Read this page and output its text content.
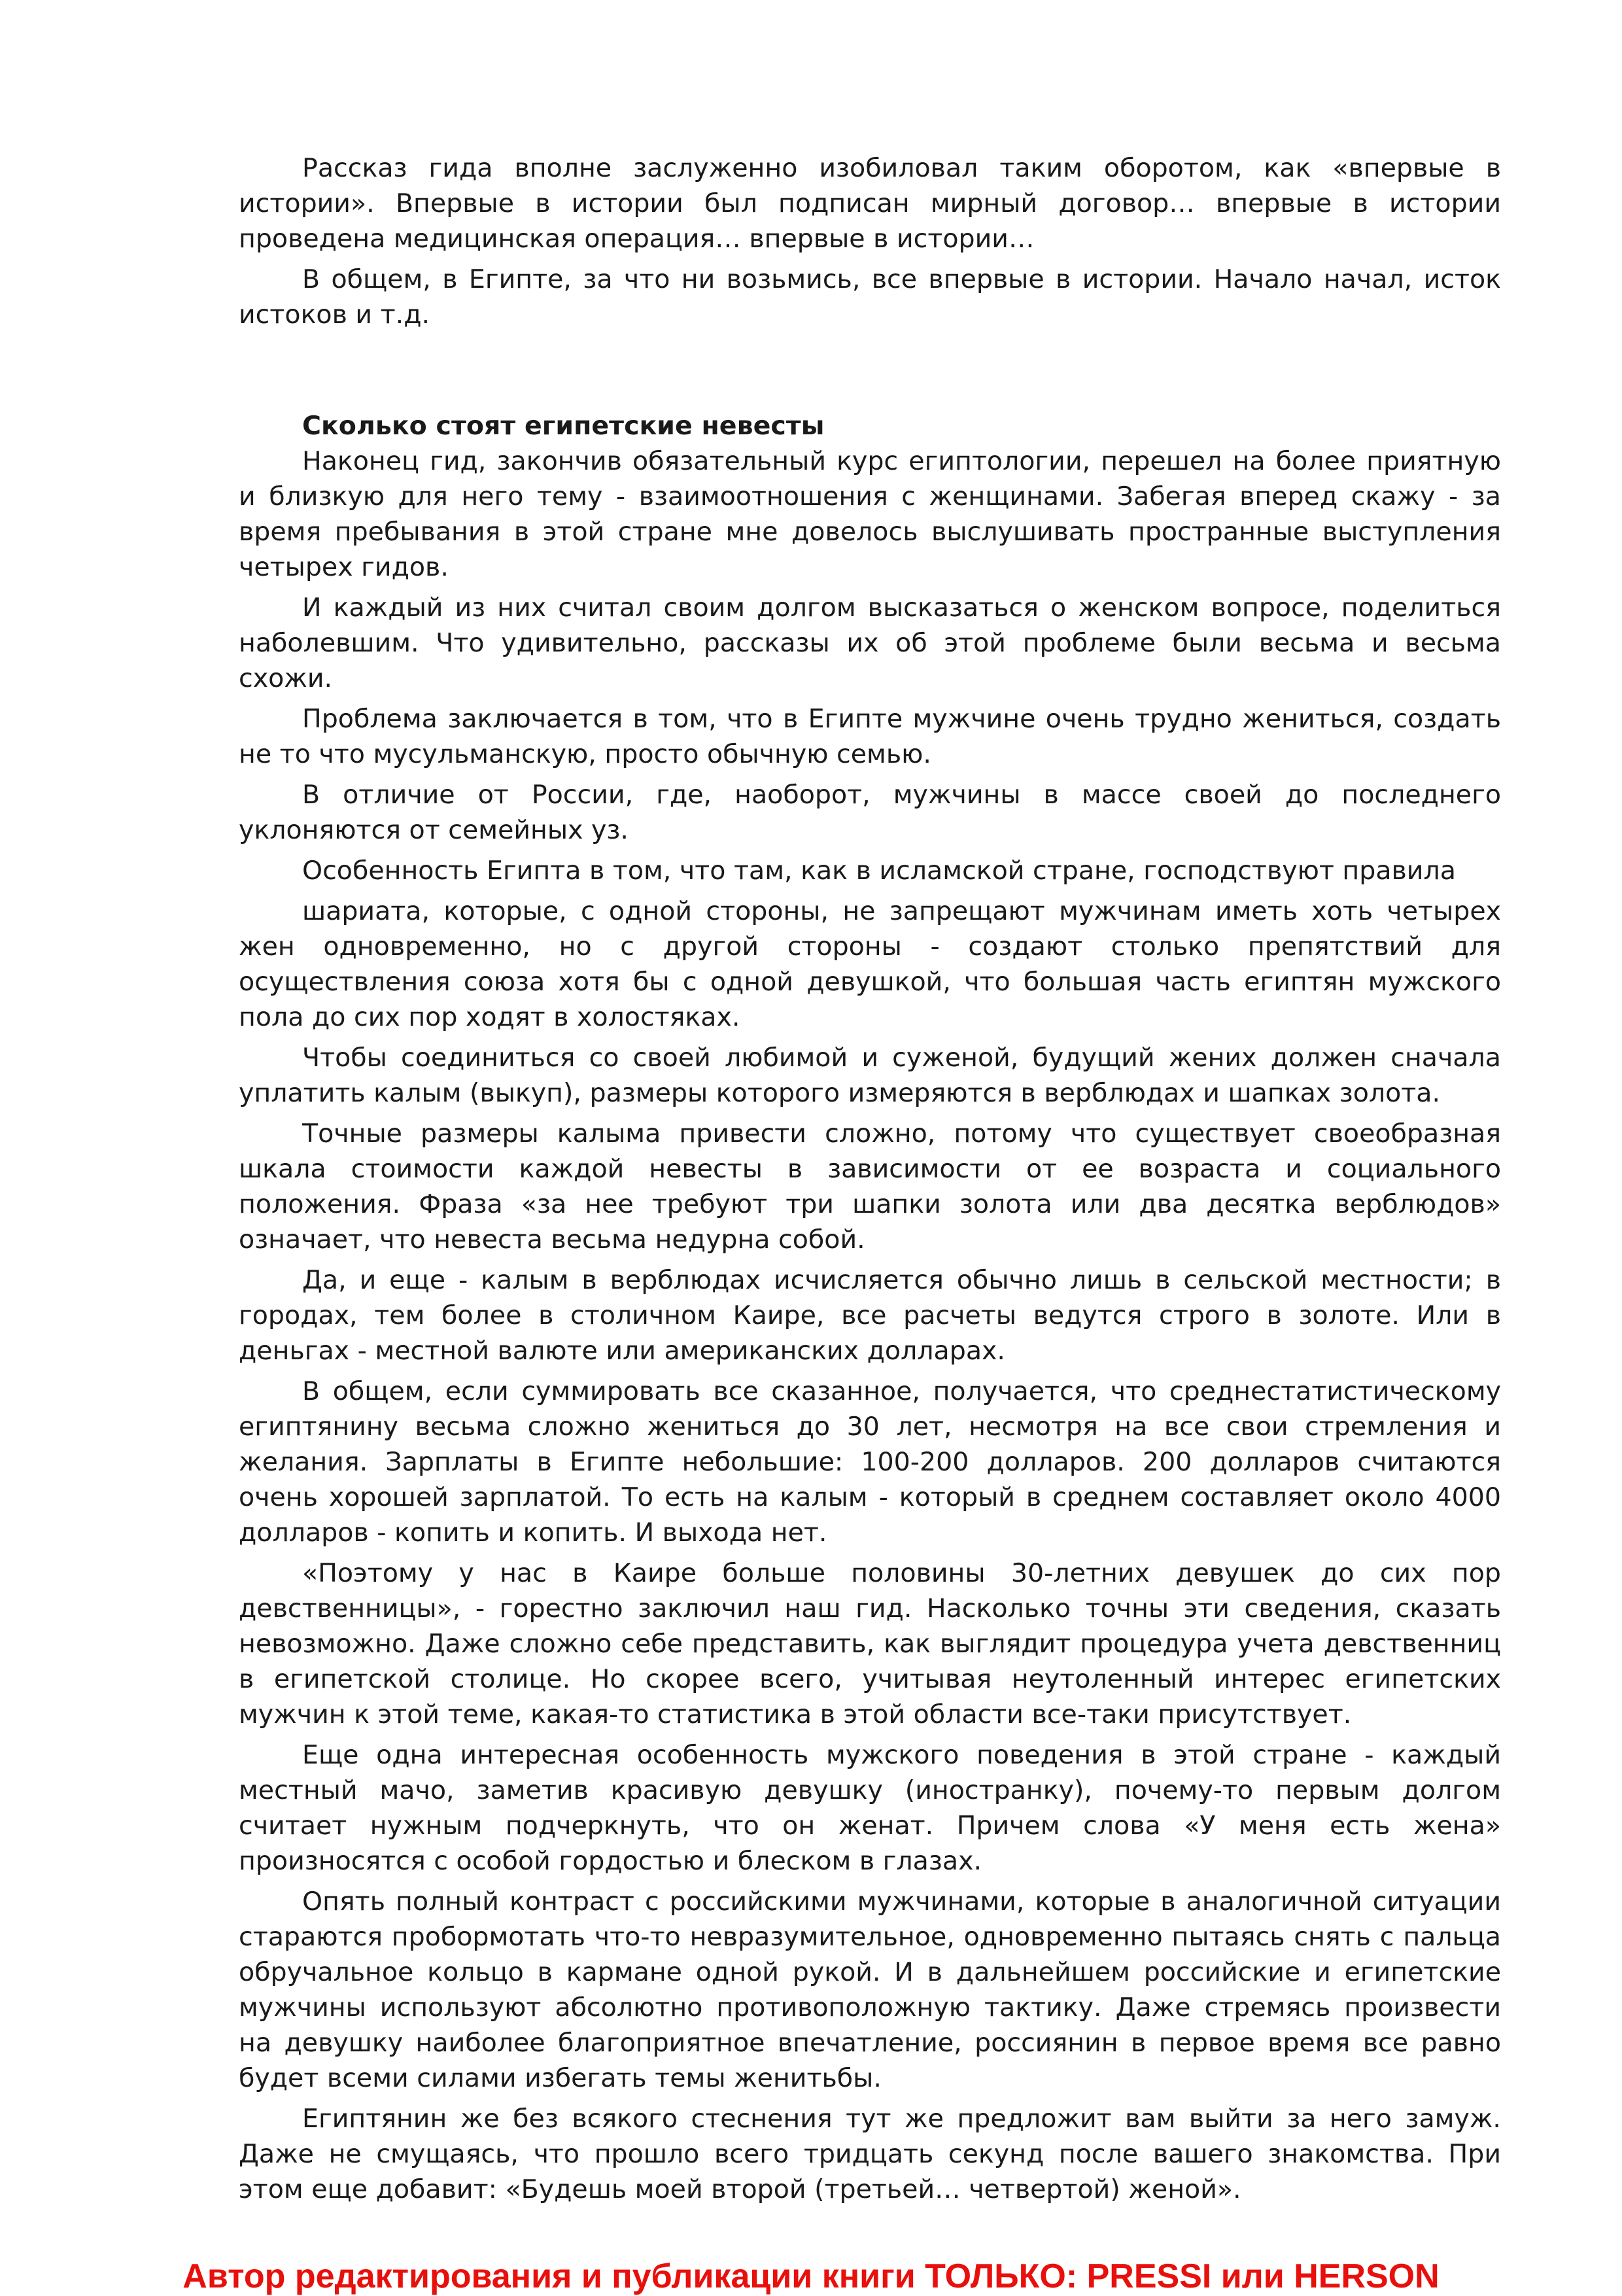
Рассказ гида вполне заслуженно изобиловал таким оборотом, как «впервые в истории». Впервые в истории был подписан мирный договор… впервые в истории проведена медицинская операция… впервые в истории…

В общем, в Египте, за что ни возьмись, все впервые в истории. Начало начал, исток истоков и т.д.

Сколько стоят египетские невесты

Наконец гид, закончив обязательный курс египтологии, перешел на более приятную и близкую для него тему - взаимоотношения с женщинами. Забегая вперед скажу - за время пребывания в этой стране мне довелось выслушивать пространные выступления четырех гидов.

И каждый из них считал своим долгом высказаться о женском вопросе, поделиться наболевшим. Что удивительно, рассказы их об этой проблеме были весьма и весьма схожи.

Проблема заключается в том, что в Египте мужчине очень трудно жениться, создать не то что мусульманскую, просто обычную семью.

В отличие от России, где, наоборот, мужчины в массе своей до последнего уклоняются от семейных уз.

Особенность Египта в том, что там, как в исламской стране, господствуют правила

шариата, которые, с одной стороны, не запрещают мужчинам иметь хоть четырех жен одновременно, но с другой стороны - создают столько препятствий для осуществления союза хотя бы с одной девушкой, что большая часть египтян мужского пола до сих пор ходят в холостяках.

Чтобы соединиться со своей любимой и суженой, будущий жених должен сначала уплатить калым (выкуп), размеры которого измеряются в верблюдах и шапках золота.

Точные размеры калыма привести сложно, потому что существует своеобразная шкала стоимости каждой невесты в зависимости от ее возраста и социального положения. Фраза «за нее требуют три шапки золота или два десятка верблюдов» означает, что невеста весьма недурна собой.

Да, и еще - калым в верблюдах исчисляется обычно лишь в сельской местности; в городах, тем более в столичном Каире, все расчеты ведутся строго в золоте. Или в деньгах - местной валюте или американских долларах.

В общем, если суммировать все сказанное, получается, что среднестатистическому египтянину весьма сложно жениться до 30 лет, несмотря на все свои стремления и желания. Зарплаты в Египте небольшие: 100-200 долларов. 200 долларов считаются очень хорошей зарплатой. То есть на калым - который в среднем составляет около 4000 долларов - копить и копить. И выхода нет.

«Поэтому у нас в Каире больше половины 30-летних девушек до сих пор девственницы», - горестно заключил наш гид. Насколько точны эти сведения, сказать невозможно. Даже сложно себе представить, как выглядит процедура учета девственниц в египетской столице. Но скорее всего, учитывая неутоленный интерес египетских мужчин к этой теме, какая-то статистика в этой области все-таки присутствует.

Еще одна интересная особенность мужского поведения в этой стране - каждый местный мачо, заметив красивую девушку (иностранку), почему-то первым долгом считает нужным подчеркнуть, что он женат. Причем слова «У меня есть жена» произносятся с особой гордостью и блеском в глазах.

Опять полный контраст с российскими мужчинами, которые в аналогичной ситуации стараются пробормотать что-то невразумительное, одновременно пытаясь снять с пальца обручальное кольцо в кармане одной рукой. И в дальнейшем российские и египетские мужчины используют абсолютно противоположную тактику. Даже стремясь произвести на девушку наиболее благоприятное впечатление, россиянин в первое время все равно будет всеми силами избегать темы женитьбы.

Египтянин же без всякого стеснения тут же предложит вам выйти за него замуж. Даже не смущаясь, что прошло всего тридцать секунд после вашего знакомства. При этом еще добавит: «Будешь моей второй (третьей… четвертой) женой».

Автор редактирования и публикации книги ТОЛЬКО: PRESSI или HERSON
